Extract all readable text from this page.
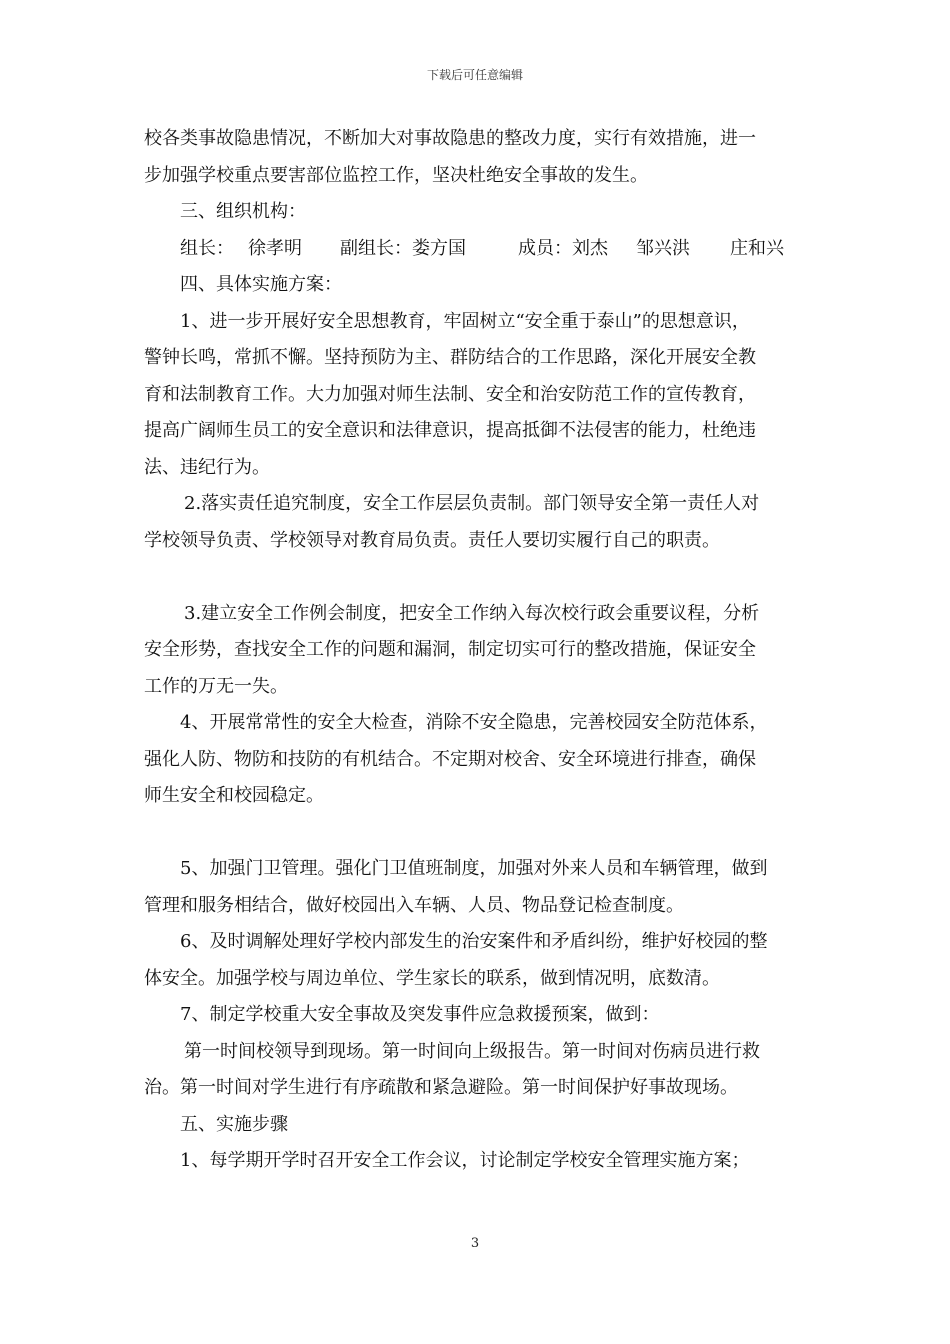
下载后可任意编辑
校各类事故隐患情况，不断加大对事故隐患的整改力度，实行有效措施，进一
步加强学校重点要害部位监控工作，坚决杜绝安全事故的发生。
三、组织机构：
组长： 徐孝明 副组长：娄方国	成员：刘杰 邹兴洪 庄和兴
四、具体实施方案：
1、进一步开展好安全思想教育，牢固树立“安全重于泰山”的思想意识，
警钟长鸣，常抓不懈。坚持预防为主、群防结合的工作思路，深化开展安全教
育和法制教育工作。大力加强对师生法制、安全和治安防范工作的宣传教育，
提高广阔师生员工的安全意识和法律意识，提高抵御不法侵害的能力，杜绝违
法、违纪行为。
2.落实责任追究制度，安全工作层层负责制。部门领导安全第一责任人对
学校领导负责、学校领导对教育局负责。责任人要切实履行自己的职责。
3.建立安全工作例会制度，把安全工作纳入每次校行政会重要议程，分析
安全形势，查找安全工作的问题和漏洞，制定切实可行的整改措施，保证安全
工作的万无一失。
4、开展常常性的安全大检查，消除不安全隐患，完善校园安全防范体系，
强化人防、物防和技防的有机结合。不定期对校舍、安全环境进行排查，确保
师生安全和校园稳定。
5、加强门卫管理。强化门卫值班制度，加强对外来人员和车辆管理，做到
管理和服务相结合，做好校园出入车辆、人员、物品登记检查制度。
6、及时调解处理好学校内部发生的治安案件和矛盾纠纷，维护好校园的整
体安全。加强学校与周边单位、学生家长的联系，做到情况明，底数清。
7、制定学校重大安全事故及突发事件应急救援预案，做到：
第一时间校领导到现场。第一时间向上级报告。第一时间对伤病员进行救
治。第一时间对学生进行有序疏散和紧急避险。第一时间保护好事故现场。
五、实施步骤
1、每学期开学时召开安全工作会议，讨论制定学校安全管理实施方案；
3
